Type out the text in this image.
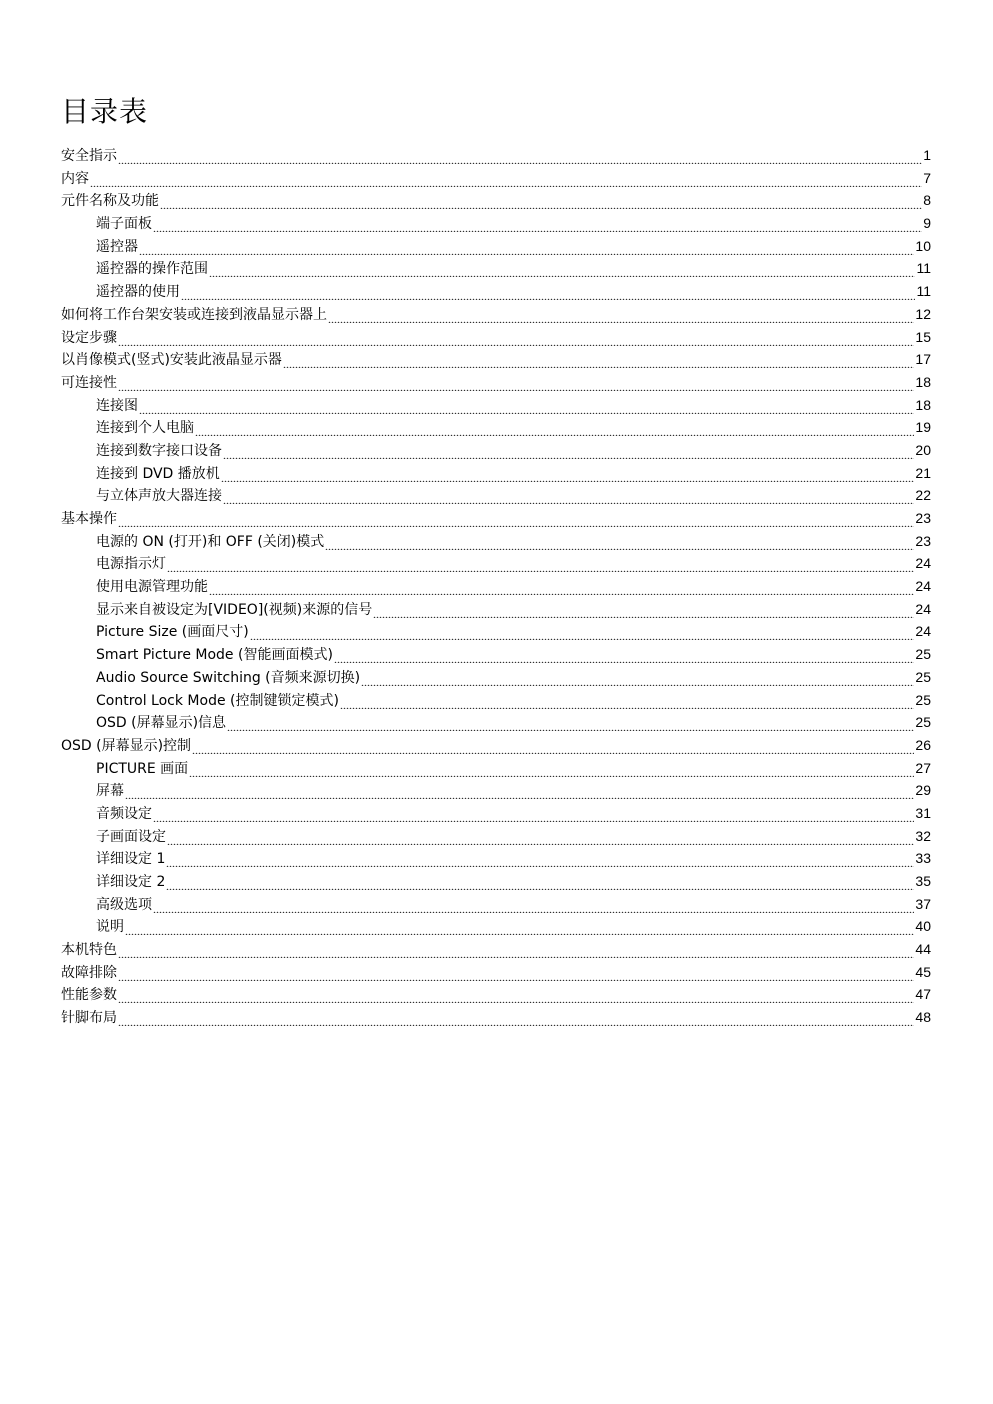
目录表
安全指示	1
内容	7
元件名称及功能	8
端子面板	9
遥控器	10
遥控器的操作范围	11
遥控器的使用	11
如何将工作台架安装或连接到液晶显示器上	12
设定步骤	15
以肖像模式(竖式)安装此液晶显示器	17
可连接性	18
连接图	18
连接到个人电脑	19
连接到数字接口设备	20
连接到 DVD 播放机	21
与立体声放大器连接	22
基本操作	23
电源的 ON (打开)和 OFF (关闭)模式	23
电源指示灯	24
使用电源管理功能	24
显示来自被设定为[VIDEO](视频)来源的信号	24
Picture Size (画面尺寸)	24
Smart Picture Mode (智能画面模式)	25
Audio Source Switching (音频来源切换)	25
Control Lock Mode (控制键锁定模式)	25
OSD (屏幕显示)信息	25
OSD (屏幕显示)控制	26
PICTURE 画面	27
屏幕	29
音频设定	31
子画面设定	32
详细设定 1	33
详细设定 2	35
高级选项	37
说明	40
本机特色	44
故障排除	45
性能参数	47
针脚布局	48
